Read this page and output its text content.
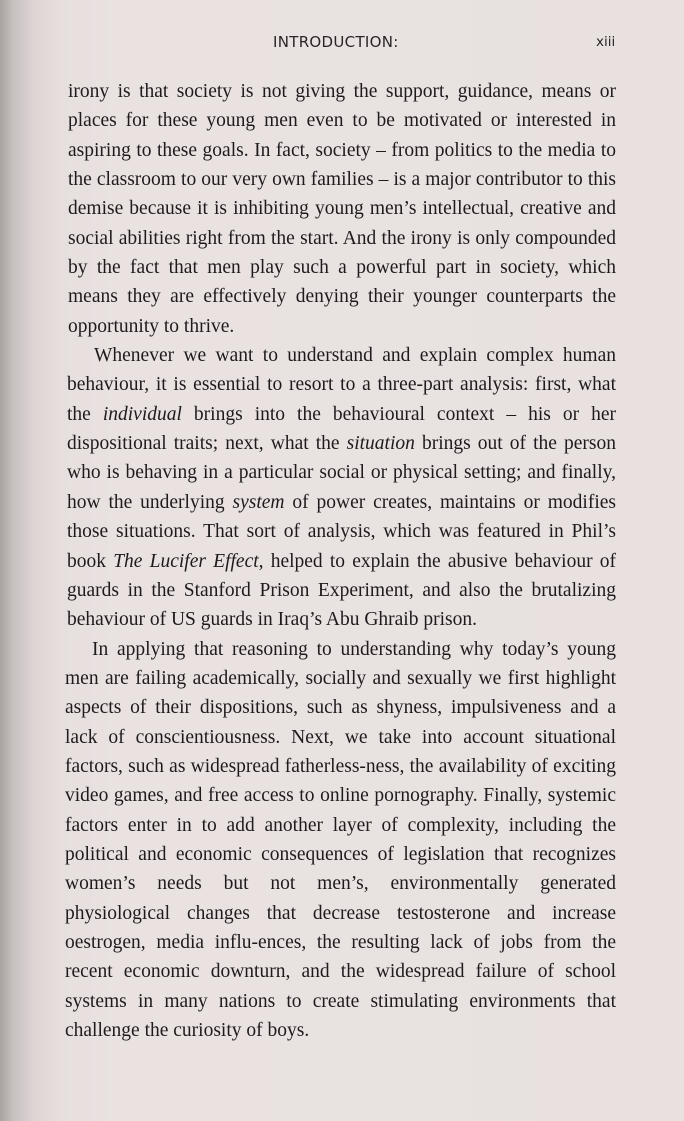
INTRODUCTION:	xiii

irony is that society is not giving the support, guidance, means or places for these young men even to be motivated or interested in aspiring to these goals. In fact, society – from politics to the media to the classroom to our very own families – is a major contributor to this demise because it is inhibiting young men’s intellectual, creative and social abilities right from the start. And the irony is only compounded by the fact that men play such a powerful part in society, which means they are effectively denying their younger counterparts the opportunity to thrive.

Whenever we want to understand and explain complex human behaviour, it is essential to resort to a three-part analysis: first, what the individual brings into the behavioural context – his or her dispositional traits; next, what the situation brings out of the person who is behaving in a particular social or physical setting; and finally, how the underlying system of power creates, maintains or modifies those situations. That sort of analysis, which was featured in Phil’s book The Lucifer Effect, helped to explain the abusive behaviour of guards in the Stanford Prison Experiment, and also the brutalizing behaviour of US guards in Iraq’s Abu Ghraib prison.

In applying that reasoning to understanding why today’s young men are failing academically, socially and sexually we first highlight aspects of their dispositions, such as shyness, impulsiveness and a lack of conscientiousness. Next, we take into account situational factors, such as widespread fatherless-ness, the availability of exciting video games, and free access to online pornography. Finally, systemic factors enter in to add another layer of complexity, including the political and economic consequences of legislation that recognizes women’s needs but not men’s, environmentally generated physiological changes that decrease testosterone and increase oestrogen, media influ-ences, the resulting lack of jobs from the recent economic downturn, and the widespread failure of school systems in many nations to create stimulating environments that challenge the curiosity of boys.
